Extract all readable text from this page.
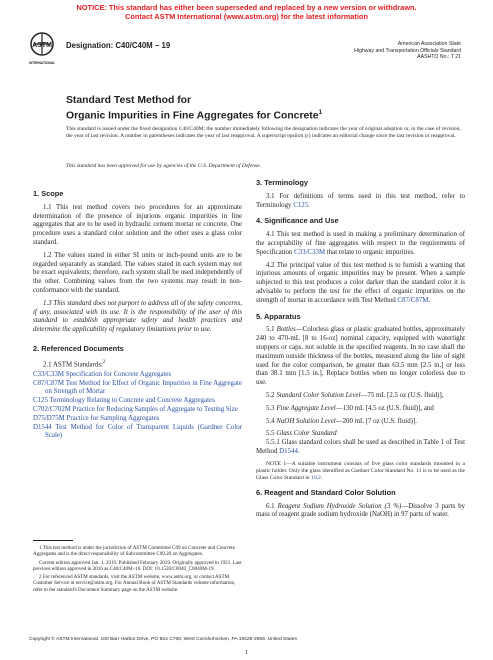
NOTICE: This standard has either been superseded and replaced by a new version or withdrawn.
Contact ASTM International (www.astm.org) for the latest information
ASTM
INTERNATIONAL
Designation: C40/C40M − 19	American Association State
Highway and Transportation Officials Standard
AASHTO No.: T 21
Standard Test Method for
Organic Impurities in Fine Aggregates for Concrete$^1$
This standard is issued under the fixed designation C40/C40M; the number immediately following the designation indicates the year of original adoption or, in the case of revision, the year of last revision. A number in parentheses indicates the year of last reapproval. A superscript epsilon (ε) indicates an editorial change since the last revision or reapproval.
This standard has been approved for use by agencies of the U.S. Department of Defense.
1. Scope

1.1 This test method covers two procedures for an approximate determination of the presence of injurious organic impurities in fine aggregates that are to be used in hydraulic cement mortar or concrete. One procedure uses a standard color solution and the other uses a glass color standard.

1.2 The values stated in either SI units or inch-pound units are to be regarded separately as standard. The values stated in each system may not be exact equivalents; therefore, each system shall be used independently of the other. Combining values from the two systems may result in non-conformance with the standard.

1.3 This standard does not purport to address all of the safety concerns, if any, associated with its use. It is the responsibility of the user of this standard to establish appropriate safety and health practices and determine the applicability of regulatory limitations prior to use.

2. Referenced Documents

2.1 ASTM Standards:$^2$

C33/C33M Specification for Concrete Aggregates
C87/C87M Test Method for Effect of Organic Impurities in Fine Aggregate on Strength of Mortar
C125 Terminology Relating to Concrete and Concrete Aggregates
C702/C702M Practice for Reducing Samples of Aggregate to Testing Size
D75/D75M Practice for Sampling Aggregates
D1544 Test Method for Color of Transparent Liquids (Gardner Color Scale)

1 This test method is under the jurisdiction of ASTM Committee C09 on Concrete and Concrete Aggregates and is the direct responsibility of Subcommittee C09.20 on Aggregates.

Current edition approved Jan. 1, 2019. Published February 2019. Originally approved in 1921. Last previous edition approved in 2016 as C40/C40M–16. DOI: 10.1520/C0040_C0040M-19.

2 For referenced ASTM standards, visit the ASTM website, www.astm.org, or contact ASTM Customer Service at service@astm.org. For Annual Book of ASTM Standards volume information, refer to the standard's Document Summary page on the ASTM website.

3. Terminology

3.1 For definitions of terms used in this test method, refer to Terminology C125.

4. Significance and Use

4.1 This test method is used in making a preliminary determination of the acceptability of fine aggregates with respect to the requirements of Specification C33/C33M that relate to organic impurities.

4.2 The principal value of this test method is to furnish a warning that injurious amounts of organic impurities may be present. When a sample subjected to this test produces a color darker than the standard color it is advisable to perform the test for the effect of organic impurities on the strength of mortar in accordance with Test Method C87/C87M.

5. Apparatus

5.1 Bottles—Colorless glass or plastic graduated bottles, approximately 240 to 470-mL [8 to 16-oz] nominal capacity, equipped with watertight stoppers or caps, not soluble in the specified reagents. In no case shall the maximum outside thickness of the bottles, measured along the line of sight used for the color comparison, be greater than 63.5 mm [2.5 in.] or less than 38.1 mm [1.5 in.]. Replace bottles when no longer colorless due to use.

5.2 Standard Color Solution Level—75 mL [2.5 oz (U.S. fluid)],

5.3 Fine Aggregate Level—130 mL [4.5 oz (U.S. fluid)], and

5.4 NaOH Solution Level—200 mL [7 oz (U.S. fluid)].

5.5 Glass Color Standard

5.5.1 Glass standard colors shall be used as described in Table 1 of Test Method D1544.

NOTE 1—A suitable instrument consists of five glass color standards mounted in a plastic holder. Only the glass identified as Gardner Color Standard No. 11 is to be used as the Glass Color Standard in 10.2.

6. Reagent and Standard Color Solution

6.1 Reagent Sodium Hydroxide Solution (3 %)—Dissolve 3 parts by mass of reagent grade sodium hydroxide (NaOH) in 97 parts of water.

Copyright © ASTM International, 100 Barr Harbor Drive, PO Box C700, West Conshohocken, PA 19428-2959. United States
1
